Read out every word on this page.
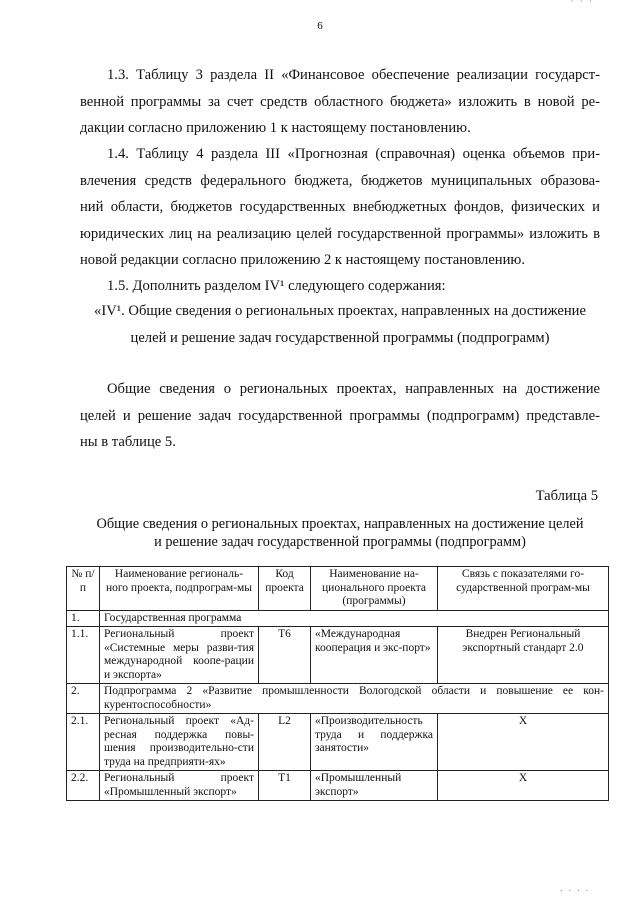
· · ·
6

1.3. Таблицу 3 раздела II «Финансовое обеспечение реализации государст-
венной программы за счет средств областного бюджета» изложить в новой ре-
дакции согласно приложению 1 к настоящему постановлению.

1.4. Таблицу 4 раздела III «Прогнозная (справочная) оценка объемов при-
влечения средств федерального бюджета, бюджетов муниципальных образова-
ний области, бюджетов государственных внебюджетных фондов, физических и
юридических лиц на реализацию целей государственной программы» изложить в
новой редакции согласно приложению 2 к настоящему постановлению.

1.5. Дополнить разделом IV¹ следующего содержания:

«IV¹. Общие сведения о региональных проектах, направленных на достижение
целей и решение задач государственной программы (подпрограмм)

Общие сведения о региональных проектах, направленных на достижение
целей и решение задач государственной программы (подпрограмм) представле-
ны в таблице 5.

Таблица 5
Общие сведения о региональных проектах, направленных на достижение целей
и решение задач государственной программы (подпрограмм)
№ п/п	Наименование региональ-ного проекта, подпрограм-мы	Код проекта	Наименование на-ционального проекта (программы)	Связь с показателями го-сударственной програм-мы
1.	Государственная программа			
1.1.	Региональный проект «Системные меры разви-тия международной коопе-рации и экспорта»	T6	«Международная кооперация и экс-порт»	Внедрен Региональный экспортный стандарт 2.0
2.	Подпрограмма 2 «Развитие промышленности Вологодской области и повышение ее кон-курентоспособности»			
2.1.	Региональный проект «Ад-ресная поддержка повы-шения производительно-сти труда на предприяти-ях»	L2	«Производительность труда и поддержка занятости»	Х
2.2.	Региональный проект «Промышленный экспорт»	T1	«Промышленный экспорт»	Х
. . . .
